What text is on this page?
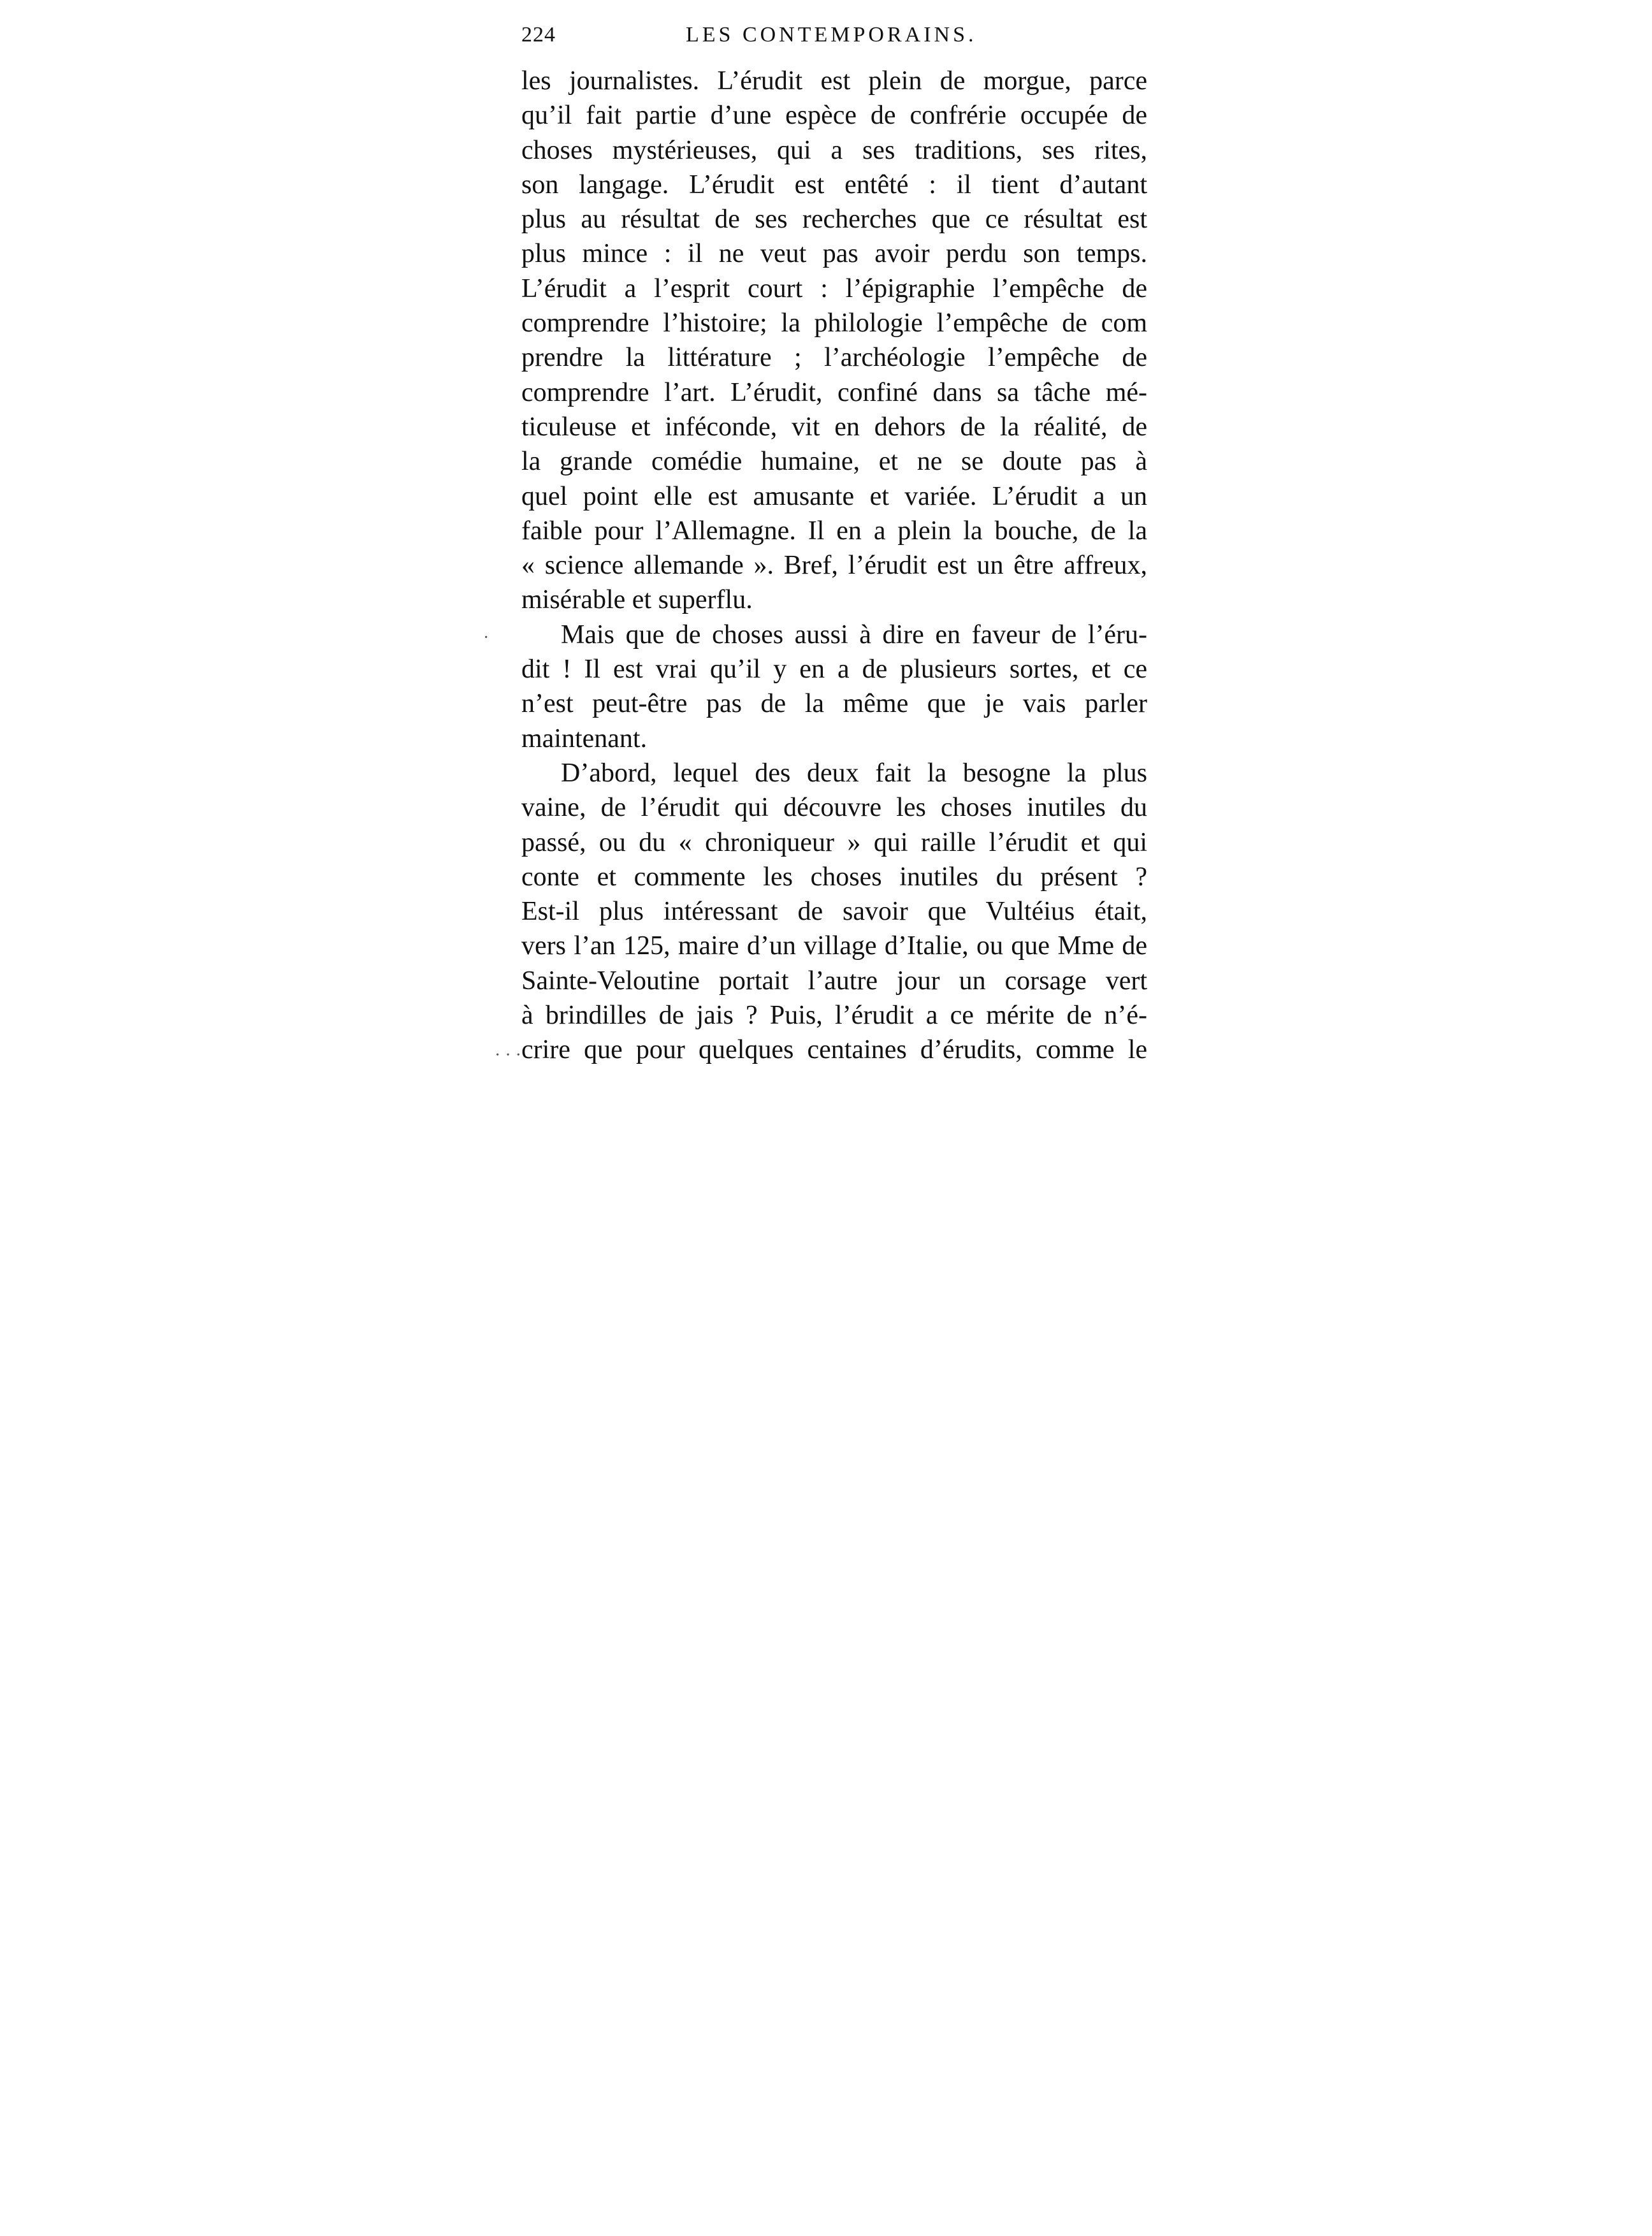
224	LES CONTEMPORAINS.
les journalistes. L’érudit est plein de morgue, parce
qu’il fait partie d’une espèce de confrérie occupée de
choses mystérieuses, qui a ses traditions, ses rites,
son langage. L’érudit est entêté : il tient d’autant
plus au résultat de ses recherches que ce résultat est
plus mince : il ne veut pas avoir perdu son temps.
L’érudit a l’esprit court : l’épigraphie l’empêche de
comprendre l’histoire; la philologie l’empêche de com
prendre la littérature ; l’archéologie l’empêche de
comprendre l’art. L’érudit, confiné dans sa tâche mé-
ticuleuse et inféconde, vit en dehors de la réalité, de
la grande comédie humaine, et ne se doute pas à
quel point elle est amusante et variée. L’érudit a un
faible pour l’Allemagne. Il en a plein la bouche, de la
« science allemande ». Bref, l’érudit est un être affreux,
misérable et superflu.
Mais que de choses aussi à dire en faveur de l’éru-
dit ! Il est vrai qu’il y en a de plusieurs sortes, et ce
n’est peut-être pas de la même que je vais parler
maintenant.
D’abord, lequel des deux fait la besogne la plus
vaine, de l’érudit qui découvre les choses inutiles du
passé, ou du « chroniqueur » qui raille l’érudit et qui
conte et commente les choses inutiles du présent ?
Est-il plus intéressant de savoir que Vultéius était,
vers l’an 125, maire d’un village d’Italie, ou que Mme de
Sainte-Veloutine portait l’autre jour un corsage vert
à brindilles de jais ? Puis, l’érudit a ce mérite de n’é-
crire que pour quelques centaines d’érudits, comme le
·
· · ·
